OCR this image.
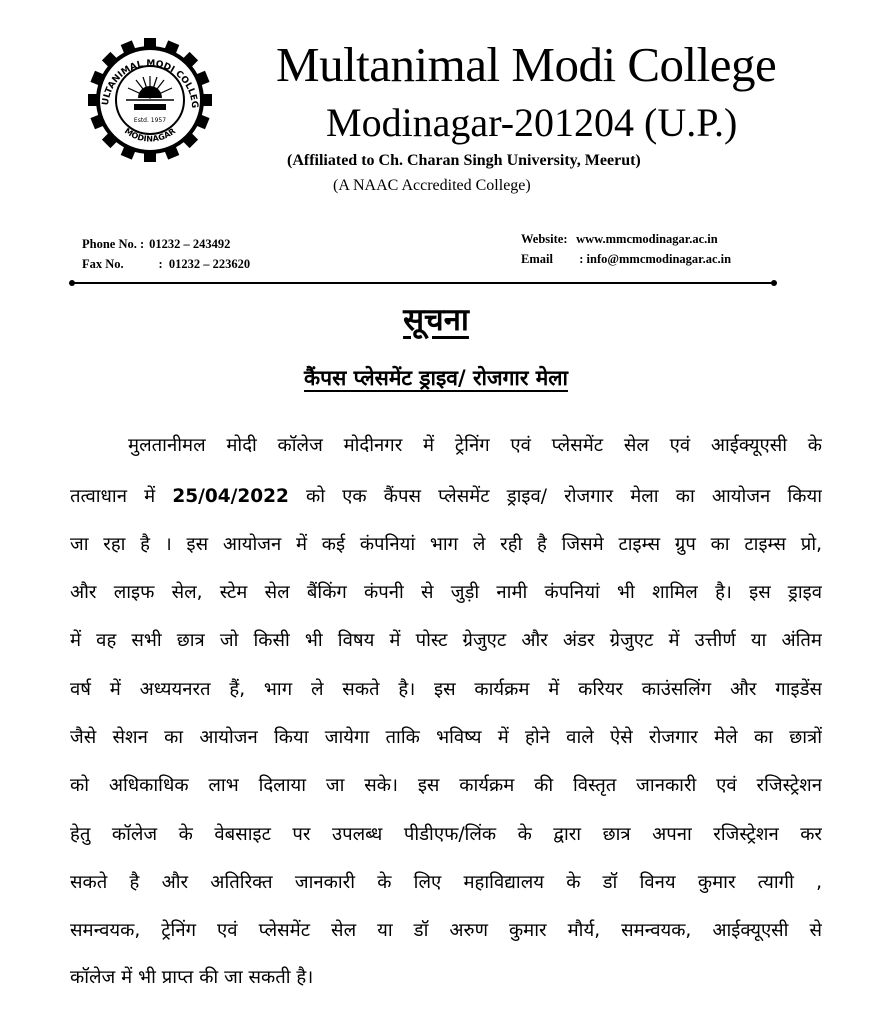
Estd. 1957
ULTANIMAL MODI COLLEG
MODINAGAR
Multanimal Modi College
Modinagar-201204 (U.P.)
(Affiliated to Ch. Charan Singh University, Meerut)
(A NAAC Accredited College)
Phone No. : 01232 – 243492
Fax No.	:  01232 – 223620
Website: www.mmcmodinagar.ac.in
Email	: info@mmcmodinagar.ac.in
सूचना
कैंपस प्लेसमेंट ड्राइव/ रोजगार मेला
मुलतानीमल मोदी कॉलेज मोदीनगर में ट्रेनिंग एवं प्लेसमेंट सेल एवं आईक्यूएसी के
तत्वाधान में 25/04/2022 को एक कैंपस प्लेसमेंट ड्राइव/ रोजगार मेला का आयोजन किया
जा रहा है । इस आयोजन में कई कंपनियां भाग ले रही है जिसमे टाइम्स ग्रुप का टाइम्स प्रो,
और लाइफ सेल, स्टेम सेल बैंकिंग कंपनी से जुड़ी नामी कंपनियां भी शामिल है। इस ड्राइव
में वह सभी छात्र जो किसी भी विषय में पोस्ट ग्रेजुएट और अंडर ग्रेजुएट में उत्तीर्ण या अंतिम
वर्ष में अध्ययनरत हैं, भाग ले सकते है। इस कार्यक्रम में करियर काउंसलिंग और गाइडेंस
जैसे सेशन का आयोजन किया जायेगा ताकि भविष्य में होने वाले ऐसे रोजगार मेले का छात्रों
को अधिकाधिक लाभ दिलाया जा सके। इस कार्यक्रम की विस्तृत जानकारी एवं रजिस्ट्रेशन
हेतु कॉलेज के वेबसाइट पर उपलब्ध पीडीएफ/लिंक के द्वारा छात्र अपना रजिस्ट्रेशन कर
सकते है और अतिरिक्त जानकारी के लिए महाविद्यालय के डॉ विनय कुमार त्यागी ,
समन्वयक, ट्रेनिंग एवं प्लेसमेंट सेल या डॉ अरुण कुमार मौर्य, समन्वयक, आईक्यूएसी से
कॉलेज में भी प्राप्त की जा सकती है।
